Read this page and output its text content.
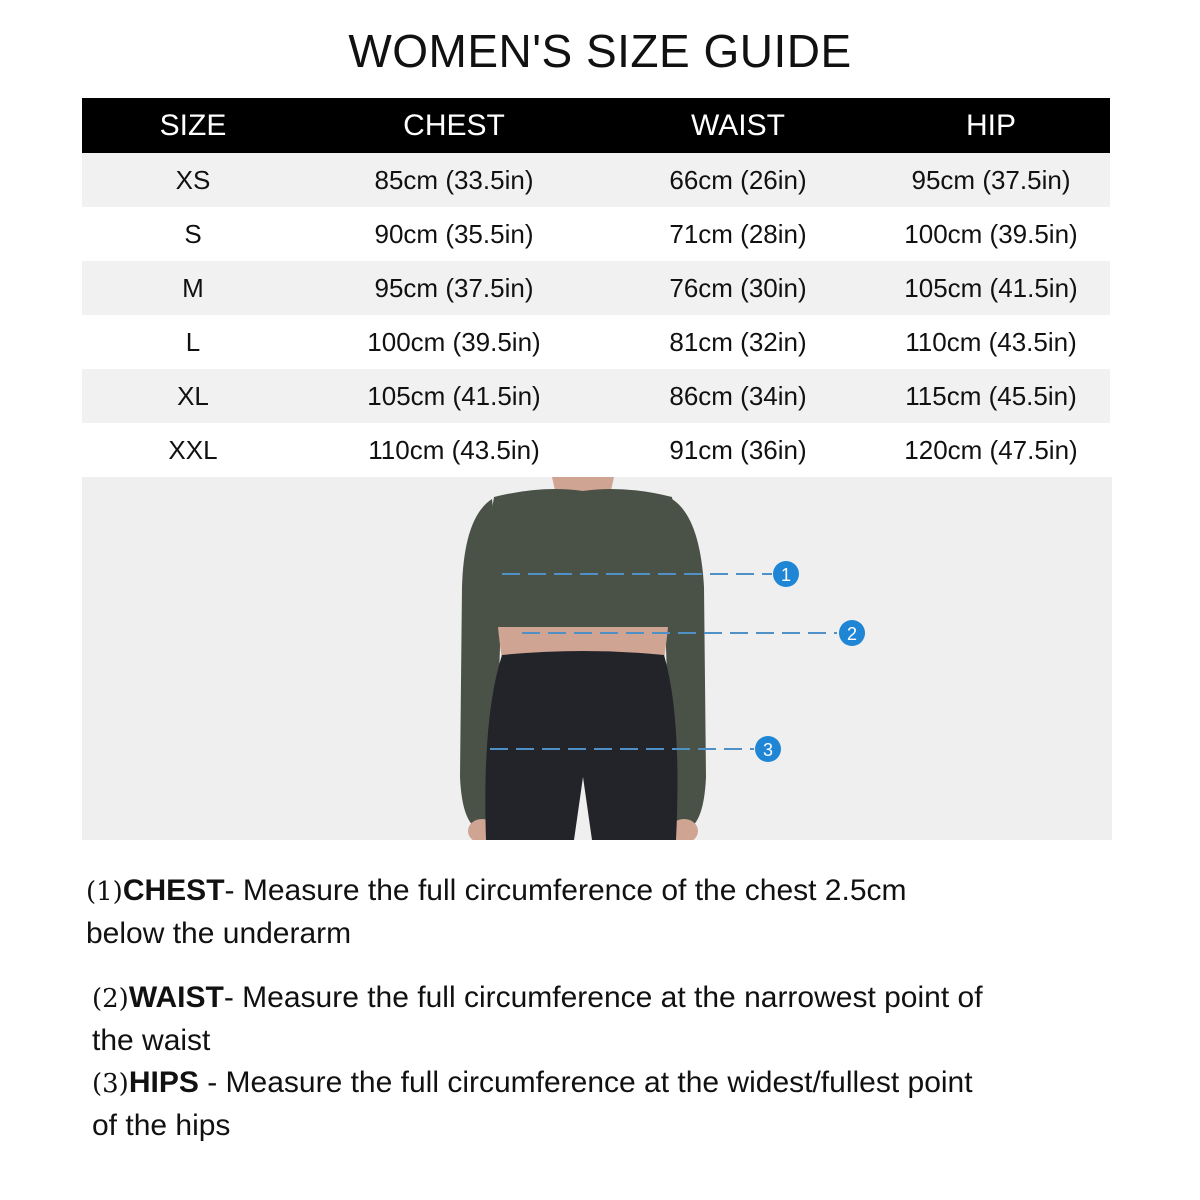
WOMEN'S SIZE GUIDE
SIZE	CHEST	WAIST	HIP
XS	85cm (33.5in)	66cm (26in)	95cm (37.5in)
S	90cm (35.5in)	71cm (28in)	100cm (39.5in)
M	95cm (37.5in)	76cm (30in)	105cm (41.5in)
L	100cm (39.5in)	81cm (32in)	110cm (43.5in)
XL	105cm (41.5in)	86cm (34in)	115cm (45.5in)
XXL	110cm (43.5in)	91cm (36in)	120cm (47.5in)
1
2
3
(1)CHEST- Measure the full circumference of the chest 2.5cm below the underarm
(2)WAIST- Measure the full circumference at the narrowest point of the waist
(3)HIPS - Measure the full circumference at the widest/fullest point of the hips
